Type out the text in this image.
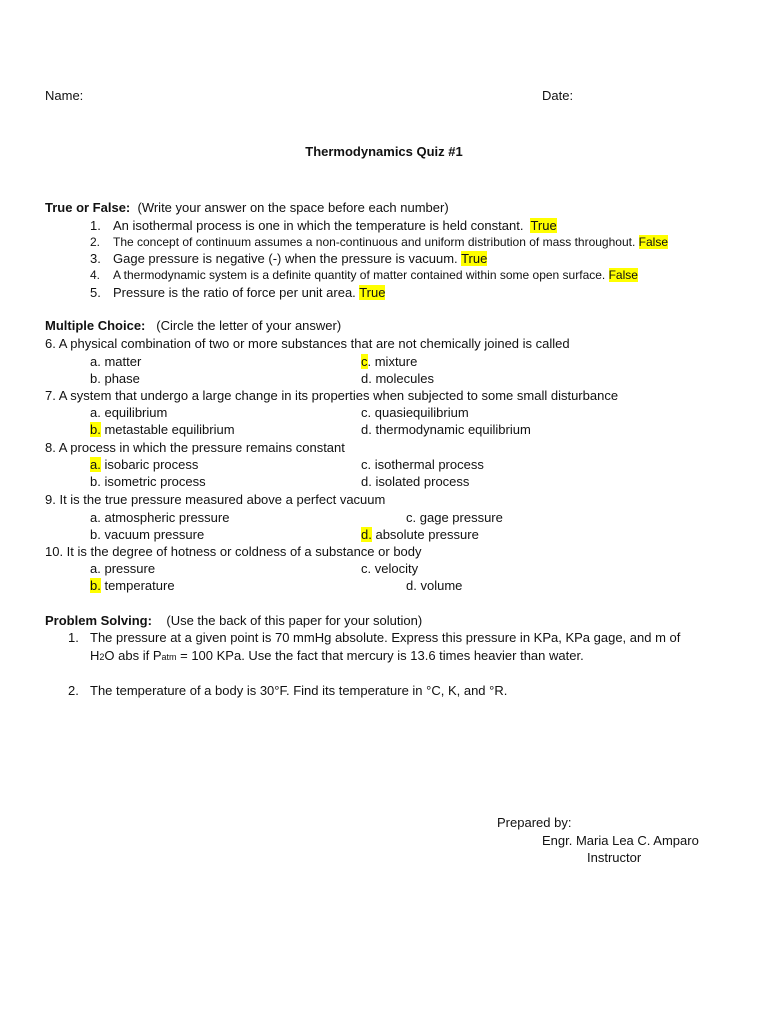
Name:	Date:
Thermodynamics Quiz #1
True or False: (Write your answer on the space before each number)
1. An isothermal process is one in which the temperature is held constant. True
2. The concept of continuum assumes a non-continuous and uniform distribution of mass throughout. False
3. Gage pressure is negative (-) when the pressure is vacuum. True
4. A thermodynamic system is a definite quantity of matter contained within some open surface. False
5. Pressure is the ratio of force per unit area. True
Multiple Choice: (Circle the letter of your answer)
6. A physical combination of two or more substances that are not chemically joined is called
a. matter	c. mixture
b. phase	d. molecules
7. A system that undergo a large change in its properties when subjected to some small disturbance
a. equilibrium	c. quasiequilibrium
b. metastable equilibrium	d. thermodynamic equilibrium
8. A process in which the pressure remains constant
a. isobaric process	c. isothermal process
b. isometric process	d. isolated process
9. It is the true pressure measured above a perfect vacuum
a. atmospheric pressure	c. gage pressure
b. vacuum pressure	d. absolute pressure
10. It is the degree of hotness or coldness of a substance or body
a. pressure	c. velocity
b. temperature	d. volume
Problem Solving: (Use the back of this paper for your solution)
1. The pressure at a given point is 70 mmHg absolute. Express this pressure in KPa, KPa gage, and m of
H2O abs if Patm = 100 KPa. Use the fact that mercury is 13.6 times heavier than water.
2. The temperature of a body is 30°F. Find its temperature in °C, K, and °R.
Prepared by:
Engr. Maria Lea C. Amparo
Instructor
